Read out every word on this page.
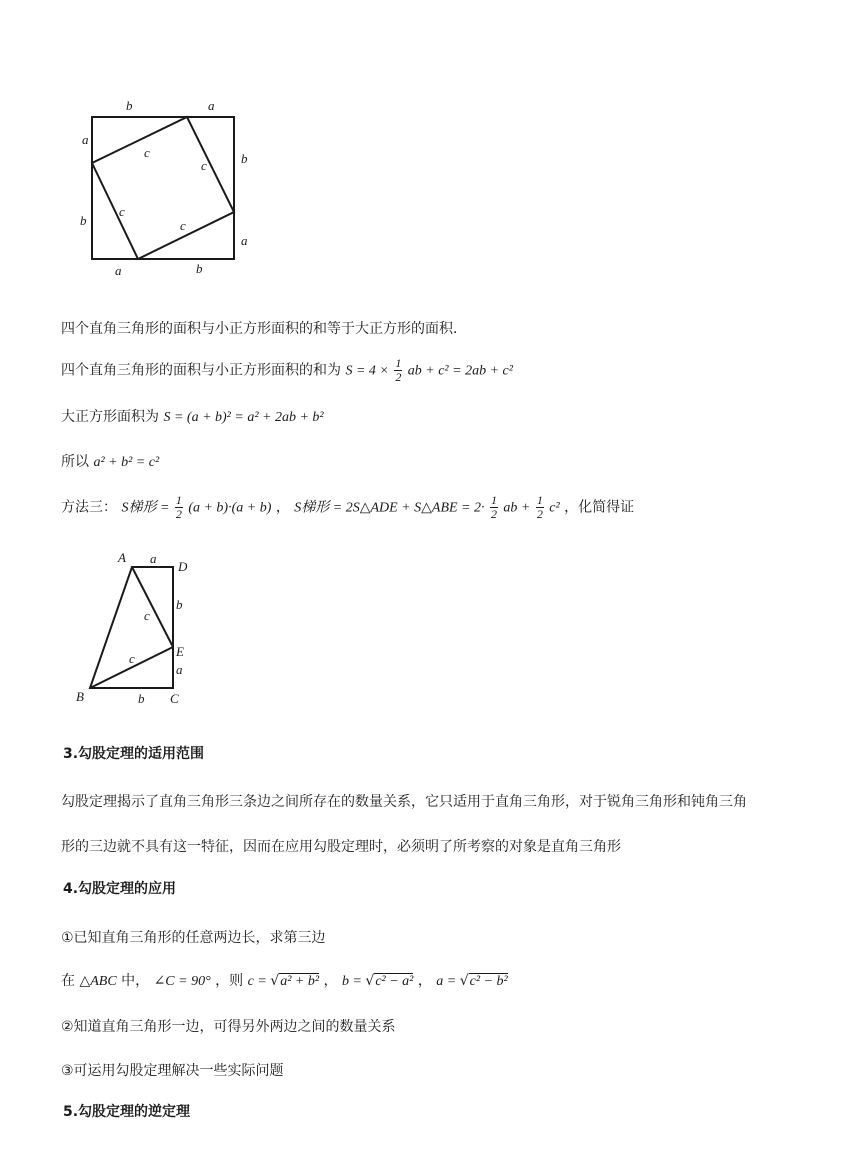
b	a
a
b
b
a
a	b
c
c
c
c
四个直角三角形的面积与小正方形面积的和等于大正方形的面积．
四个直角三角形的面积与小正方形面积的和为 $S = 4 \times \frac{1}{2}$ ab + c² = 2ab + c²
大正方形面积为 S = (a + b)² = a² + 2ab + b²
所以 a² + b² = c²
方法三： S梯形 = $\frac{1}{2} (a + b)\cdot(a + b)$ ， S梯形 = 2S△ADE + S△ABE = $2\cdot \frac{1}{2}$ ab + $\frac{1}{2} c^2$ ，化简得证
A a
D
b
c
E
c
a
B	b C
3.勾股定理的适用范围
勾股定理揭示了直角三角形三条边之间所存在的数量关系，它只适用于直角三角形，对于锐角三角形和钝角三角
形的三边就不具有这一特征，因而在应用勾股定理时，必须明了所考察的对象是直角三角形
4.勾股定理的应用
①已知直角三角形的任意两边长，求第三边
在 △ABC 中， ∠C = 90° ，则 c = √a² + b² ， b = √c² − a² ， a = √c² − b²
②知道直角三角形一边，可得另外两边之间的数量关系
③可运用勾股定理解决一些实际问题
5.勾股定理的逆定理
